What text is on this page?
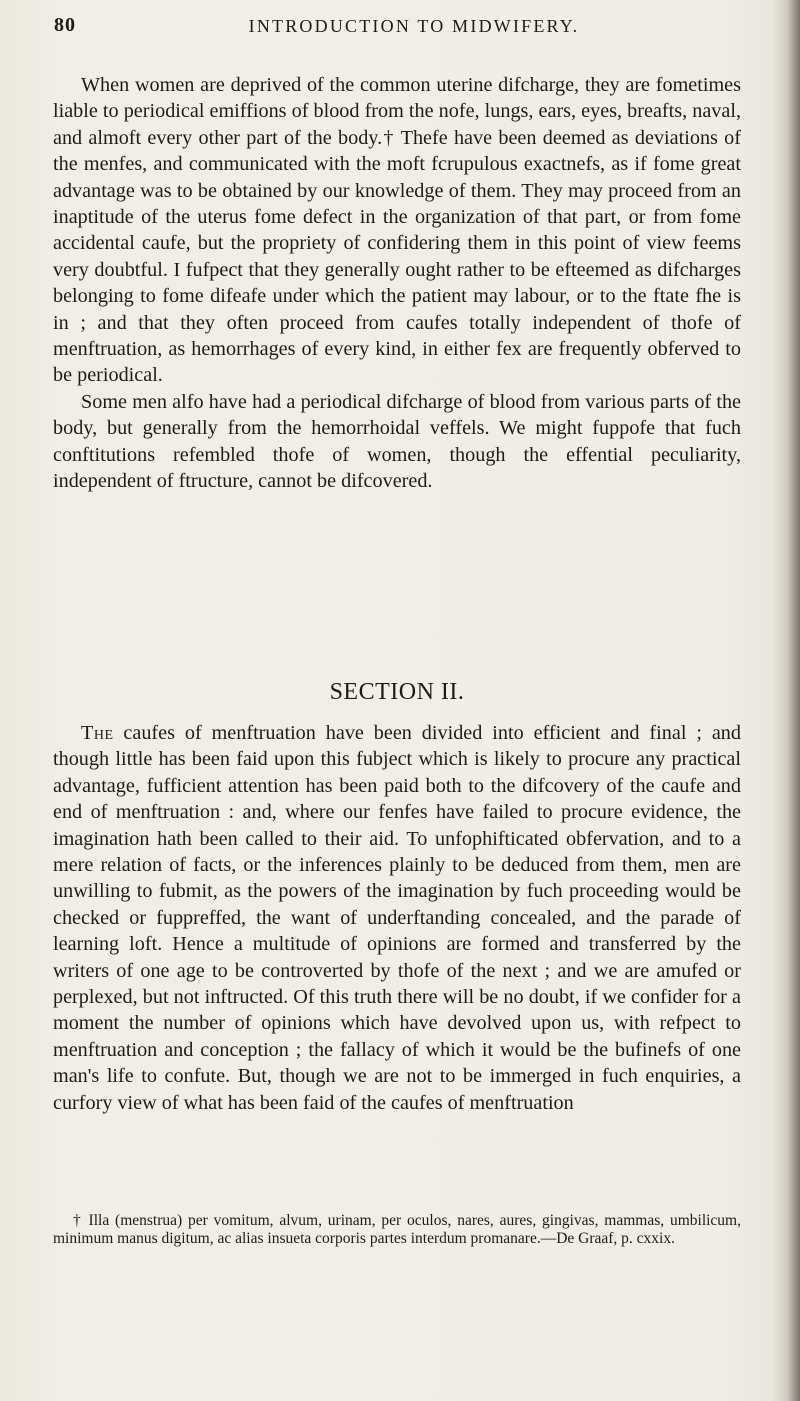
80	INTRODUCTION TO MIDWIFERY.

When women are deprived of the common uterine difcharge, they are fometimes liable to periodical emiffions of blood from the nofe, lungs, ears, eyes, breafts, naval, and almoft every other part of the body.† Thefe have been deemed as deviations of the menfes, and communicated with the moft fcrupulous exactnefs, as if fome great advantage was to be obtained by our knowledge of them. They may proceed from an inaptitude of the uterus fome defect in the organization of that part, or from fome accidental caufe, but the propriety of confidering them in this point of view feems very doubtful. I fufpect that they generally ought rather to be efteemed as difcharges belonging to fome difeafe under which the patient may labour, or to the ftate fhe is in ; and that they often proceed from caufes totally independent of thofe of menftruation, as hemorrhages of every kind, in either fex are frequently obferved to be periodical.

Some men alfo have had a periodical difcharge of blood from various parts of the body, but generally from the hemorrhoidal veffels. We might fuppofe that fuch conftitutions refembled thofe of women, though the effential peculiarity, independent of ftructure, cannot be difcovered.

SECTION II.

The caufes of menftruation have been divided into efficient and final ; and though little has been faid upon this fubject which is likely to procure any practical advantage, fufficient attention has been paid both to the difcovery of the caufe and end of menftruation : and, where our fenfes have failed to procure evidence, the imagination hath been called to their aid. To unfophifticated obfervation, and to a mere relation of facts, or the inferences plainly to be deduced from them, men are unwilling to fubmit, as the powers of the imagination by fuch proceeding would be checked or fuppreffed, the want of underftanding concealed, and the parade of learning loft. Hence a multitude of opinions are formed and transferred by the writers of one age to be controverted by thofe of the next ; and we are amufed or perplexed, but not inftructed. Of this truth there will be no doubt, if we confider for a moment the number of opinions which have devolved upon us, with refpect to menftruation and conception ; the fallacy of which it would be the bufinefs of one man's life to confute. But, though we are not to be immerged in fuch enquiries, a curfory view of what has been faid of the caufes of menftruation

† Illa (menstrua) per vomitum, alvum, urinam, per oculos, nares, aures, gingivas, mammas, umbilicum, minimum manus digitum, ac alias insueta corporis partes interdum promanare.—De Graaf, p. cxxix.
